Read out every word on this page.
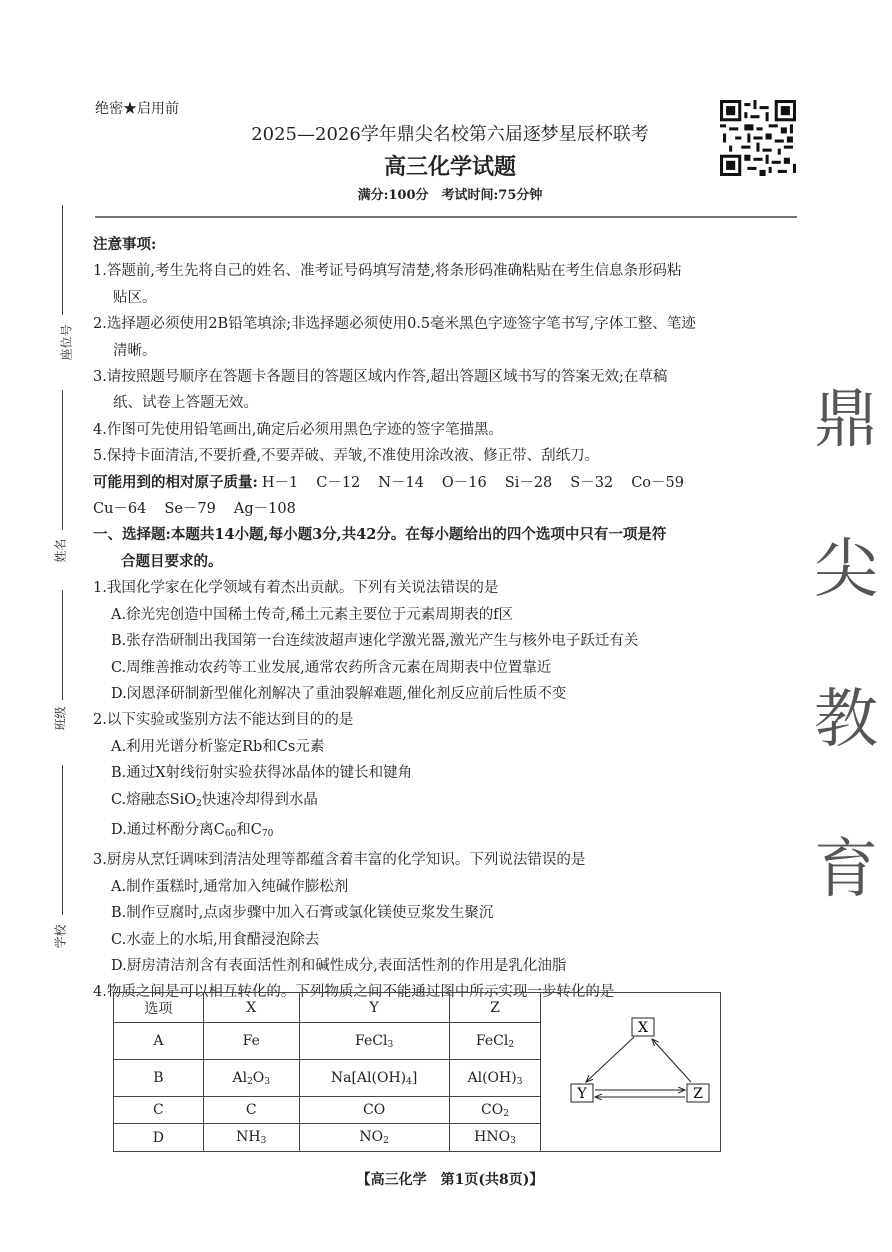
绝密★启用前
2025—2026学年鼎尖名校第六届逐梦星辰杯联考
高三化学试题
满分:100分　考试时间:75分钟
座位号
姓名
班级
学校
鼎
尖
教
育

注意事项:

1.答题前,考生先将自己的姓名、准考证号码填写清楚,将条形码准确粘贴在考生信息条形码粘

贴区。

2.选择题必须使用2B铅笔填涂;非选择题必须使用0.5毫米黑色字迹签字笔书写,字体工整、笔迹

清晰。

3.请按照题号顺序在答题卡各题目的答题区域内作答,超出答题区域书写的答案无效;在草稿

纸、试卷上答题无效。

4.作图可先使用铅笔画出,确定后必须用黑色字迹的签字笔描黑。

5.保持卡面清洁,不要折叠,不要弄破、弄皱,不准使用涂改液、修正带、刮纸刀。

可能用到的相对原子质量: H－1 C－12 N－14 O－16 Si－28 S－32 Co－59

Cu－64 Se－79 Ag－108

一、选择题:本题共14小题,每小题3分,共42分。在每小题给出的四个选项中只有一项是符

合题目要求的。

1.我国化学家在化学领域有着杰出贡献。下列有关说法错误的是

A.徐光宪创造中国稀土传奇,稀土元素主要位于元素周期表的f区

B.张存浩研制出我国第一台连续波超声速化学激光器,激光产生与核外电子跃迁有关

C.周维善推动农药等工业发展,通常农药所含元素在周期表中位置靠近

D.闵恩泽研制新型催化剂解决了重油裂解难题,催化剂反应前后性质不变

2.以下实验或鉴别方法不能达到目的的是

A.利用光谱分析鉴定Rb和Cs元素

B.通过X射线衍射实验获得冰晶体的键长和键角

C.熔融态SiO$_2$快速冷却得到水晶

D.通过杯酚分离$C_{60}$和$C_{70}$

3.厨房从烹饪调味到清洁处理等都蕴含着丰富的化学知识。下列说法错误的是

A.制作蛋糕时,通常加入纯碱作膨松剂

B.制作豆腐时,点卤步骤中加入石膏或氯化镁使豆浆发生聚沉

C.水壶上的水垢,用食醋浸泡除去

D.厨房清洁剂含有表面活性剂和碱性成分,表面活性剂的作用是乳化油脂

4.物质之间是可以相互转化的。下列物质之间不能通过图中所示实现一步转化的是

选项	X	Y	Z	
A	Fe	FeCl$_3$	FeCl$_2$
B	$Al_2O_3$	$Na[Al(OH)_4]$	$Al(OH)_3$
C	C	CO	$CO_2$
D	$NH_3$	$NO_2$	$HNO_3$
X
Y	Z
【高三化学　第1页(共8页)】
